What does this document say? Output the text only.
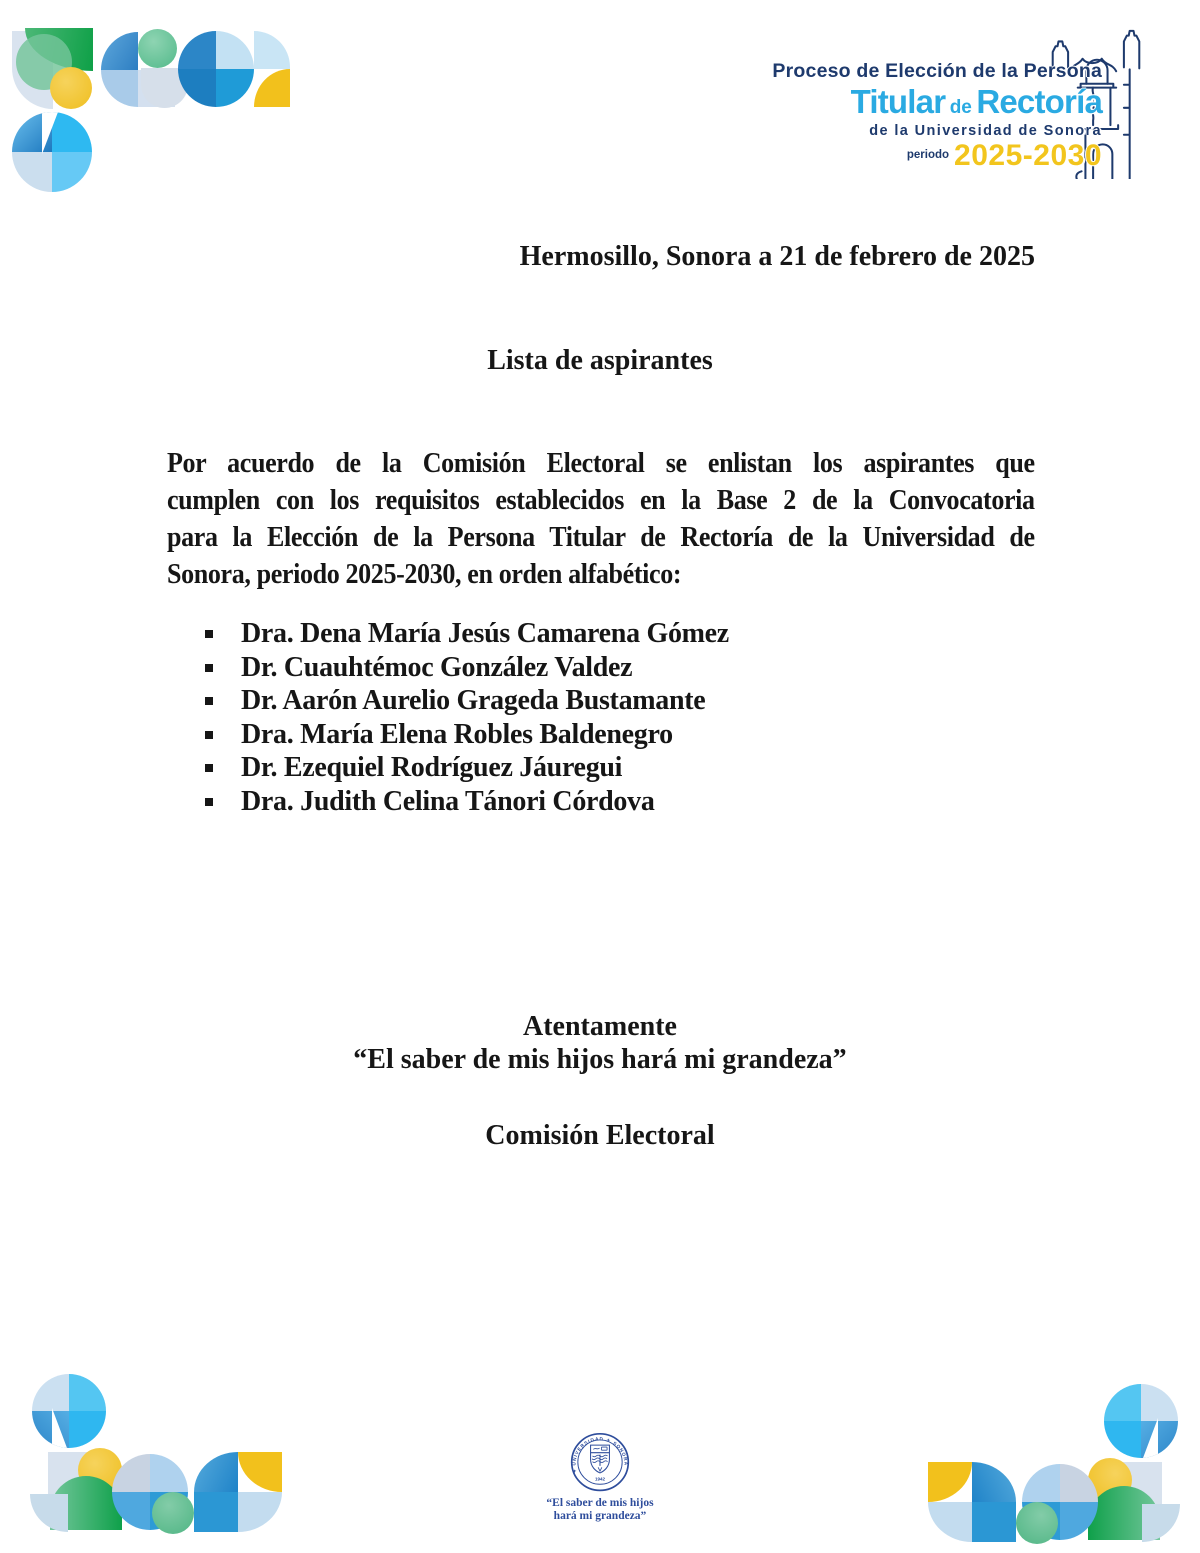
Proceso de Elección de la Persona
Titular de Rectoría
de la Universidad de Sonora
$^{periodo}$ 2025-2030
Hermosillo, Sonora a 21 de febrero de 2025
Lista de aspirantes
Por acuerdo de la Comisión Electoral se enlistan los aspirantes que
cumplen con los requisitos establecidos en la Base 2 de la Convocatoria
para la Elección de la Persona Titular de Rectoría de la Universidad de
Sonora, periodo 2025-2030, en orden alfabético:
Dra. Dena María Jesús Camarena Gómez
Dr. Cuauhtémoc González Valdez
Dr. Aarón Aurelio Grageda Bustamante
Dra. María Elena Robles Baldenegro
Dr. Ezequiel Rodríguez Jáuregui
Dra. Judith Celina Tánori Córdova
Atentamente
“El saber de mis hijos hará mi grandeza”
Comisión Electoral
✦ UNIVERSIDAD ✦ SONORA
1942
“El saber de mis hijos
hará mi grandeza”
